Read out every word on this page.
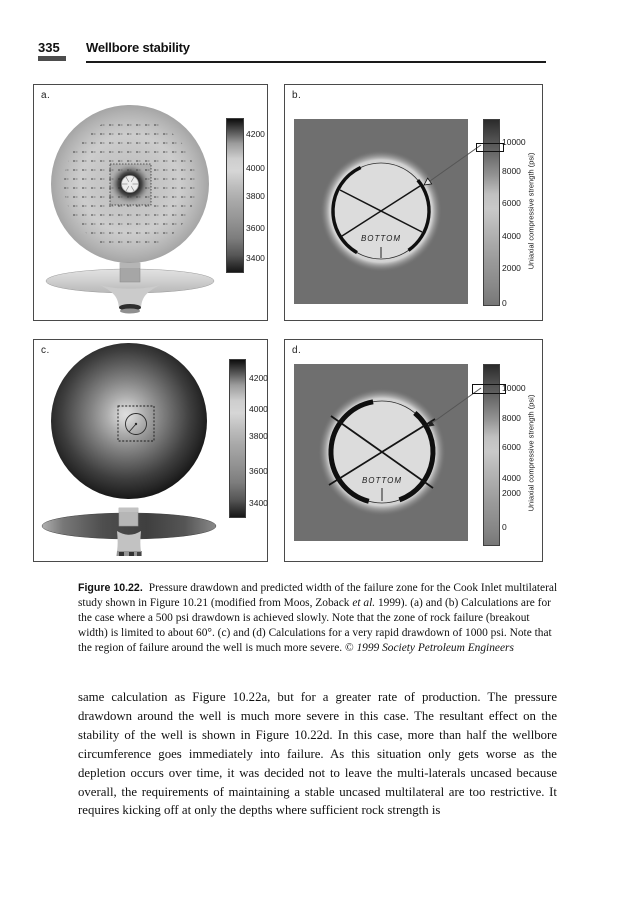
335 Wellbore stability
a.
4200
4000
3800
3600
3400
b.
10000
8000
6000
4000
2000
0
Uniaxial compressive strength (psi)
BOTTOM
c.
4200
4000
3800
3600
3400
d.
10000
8000
6000
4000
2000
0
Uniaxial compressive strength (psi)
BOTTOM

Figure 10.22. Pressure drawdown and predicted width of the failure zone for the Cook Inlet multilateral study shown in Figure 10.21 (modified from Moos, Zoback et al. 1999). (a) and (b) Calculations are for the case where a 500 psi drawdown is achieved slowly. Note that the zone of rock failure (breakout width) is limited to about 60°. (c) and (d) Calculations for a very rapid drawdown of 1000 psi. Note that the region of failure around the well is much more severe. © 1999 Society Petroleum Engineers

same calculation as Figure 10.22a, but for a greater rate of production. The pressure drawdown around the well is much more severe in this case. The resultant effect on the stability of the well is shown in Figure 10.22d. In this case, more than half the wellbore circumference goes immediately into failure. As this situation only gets worse as the depletion occurs over time, it was decided not to leave the multi-laterals uncased because overall, the requirements of maintaining a stable uncased multilateral are too restrictive. It requires kicking off at only the depths where sufficient rock strength is
